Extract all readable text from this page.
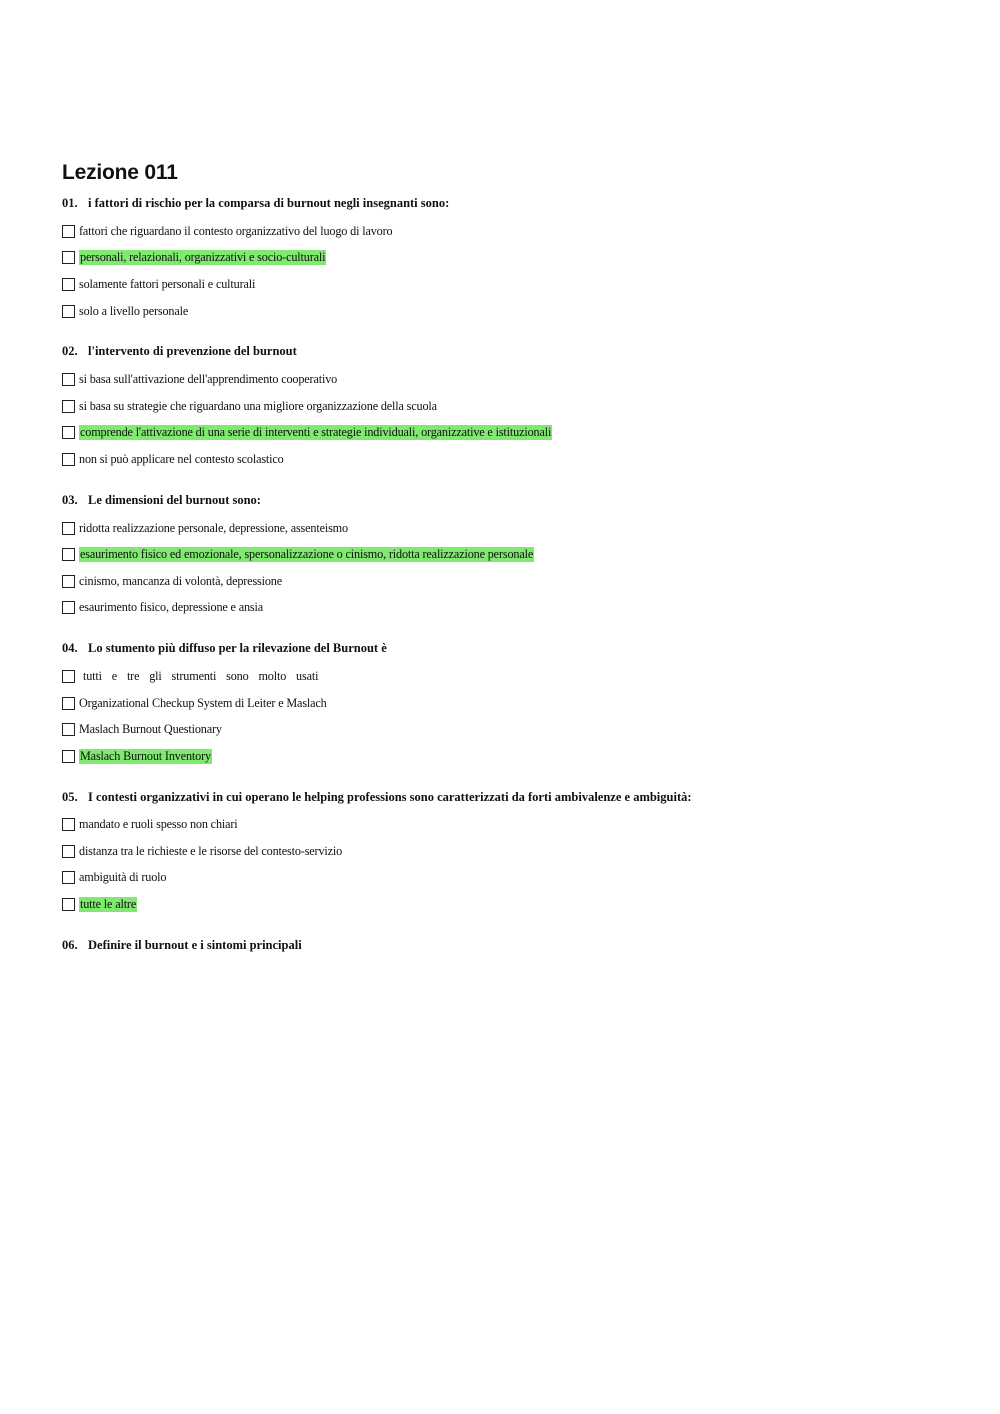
Lezione 011
01. i fattori di rischio per la comparsa di burnout negli insegnanti sono:
fattori che riguardano il contesto organizzativo del luogo di lavoro
personali, relazionali, organizzativi e socio-culturali
solamente fattori personali e culturali
solo a livello personale
02. l'intervento di prevenzione del burnout
si basa sull'attivazione dell'apprendimento cooperativo
si basa su strategie che riguardano una migliore organizzazione della scuola
comprende l'attivazione di una serie di interventi e strategie individuali, organizzative e istituzionali
non si può applicare nel contesto scolastico
03. Le dimensioni del burnout sono:
ridotta realizzazione personale, depressione, assenteismo
esaurimento fisico ed emozionale, spersonalizzazione o cinismo, ridotta realizzazione personale
cinismo, mancanza di volontà, depressione
esaurimento fisico, depressione e ansia
04. Lo stumento più diffuso per la rilevazione del Burnout è
tutti e tre gli strumenti sono molto usati
Organizational Checkup System di Leiter e Maslach
Maslach Burnout Questionary
Maslach Burnout Inventory
05. I contesti organizzativi in cui operano le helping professions sono caratterizzati da forti ambivalenze e ambiguità:
mandato e ruoli spesso non chiari
distanza tra le richieste e le risorse del contesto-servizio
ambiguità di ruolo
tutte le altre
06. Definire il burnout e i sintomi principali
